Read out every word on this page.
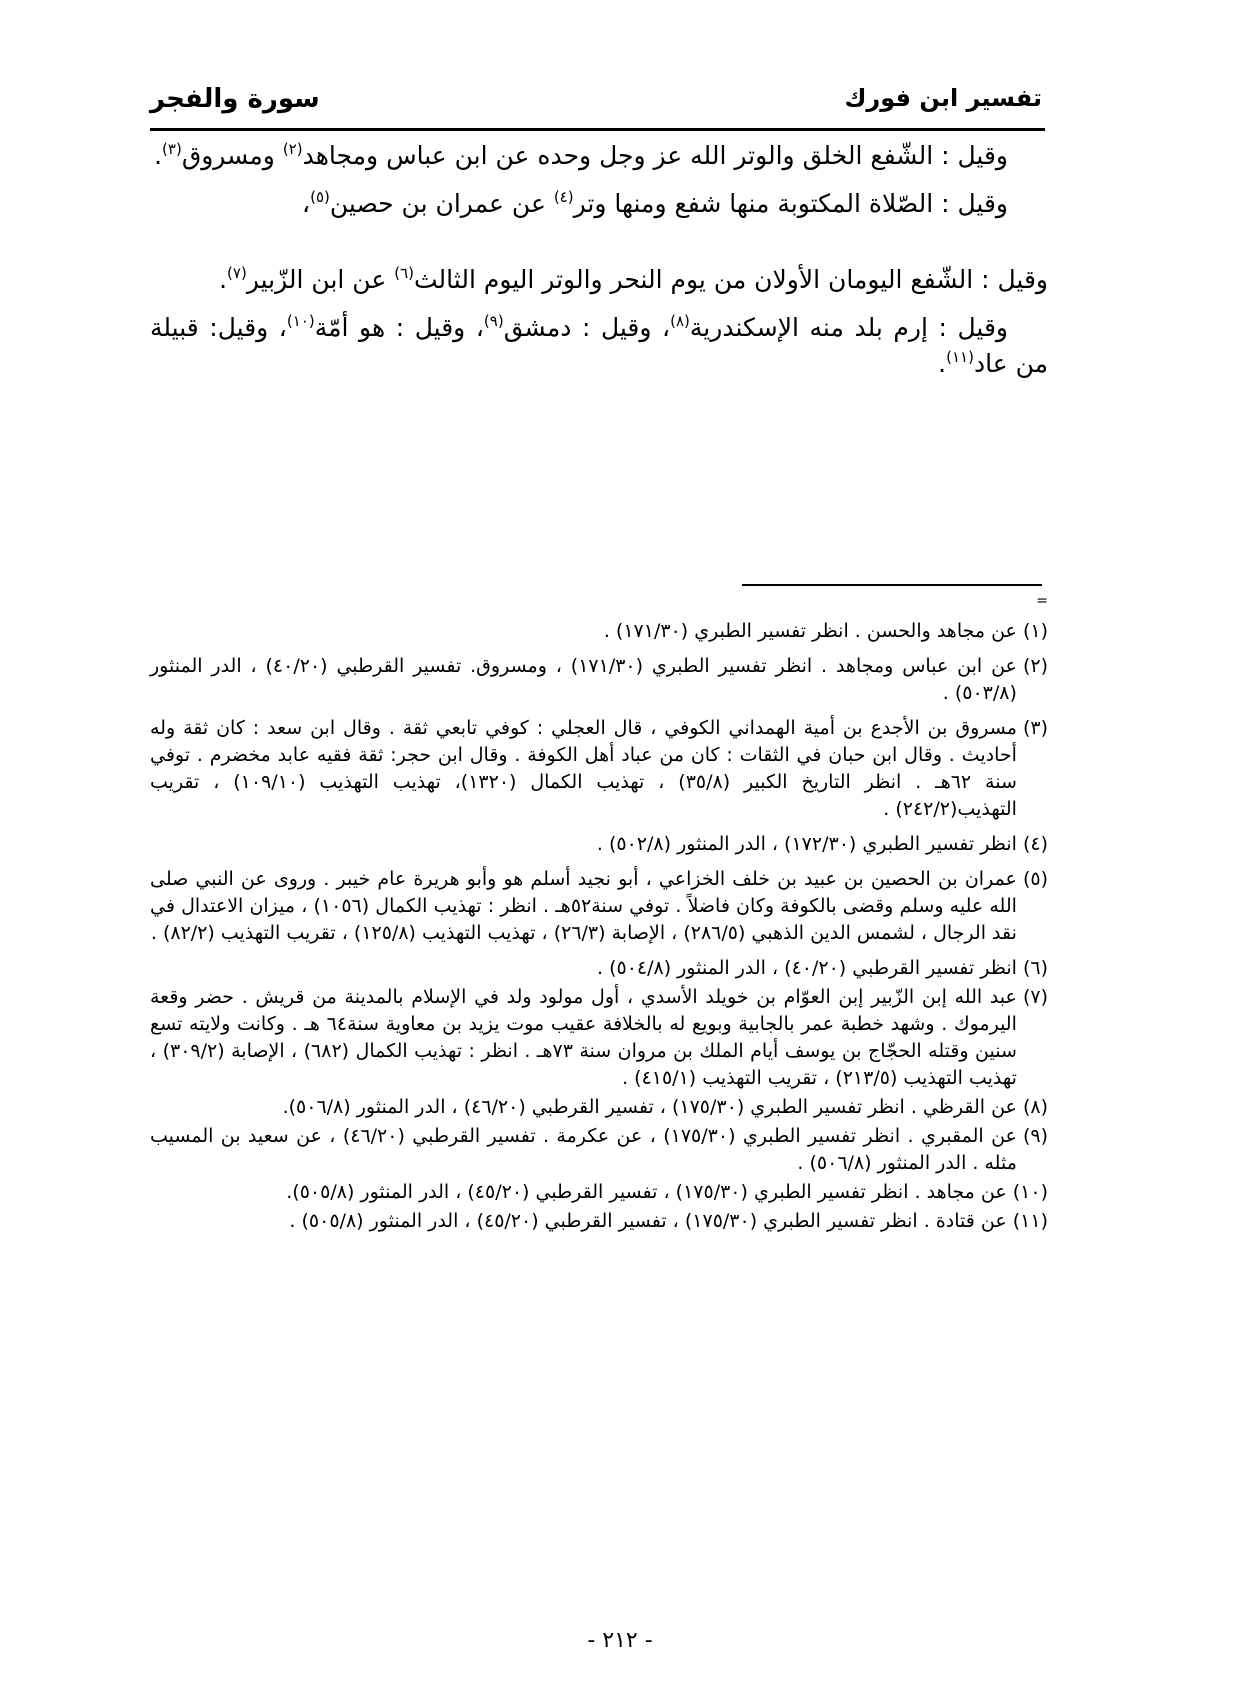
تفسير ابن فورك
سورة والفجر

وقيل : الشّفع الخلق والوتر الله عز وجل وحده عن ابن عباس ومجاهد$^{(٢)}$ ومسروق$^{(٣)}$.

وقيل : الصّلاة المكتوبة منها شفع ومنها وتر$^{(٤)}$ عن عمران بن حصين$^{(٥)}$،

وقيل : الشّفع اليومان الأولان من يوم النحر والوتر اليوم الثالث$^{(٦)}$ عن ابن الزّبير$^{(٧)}$.

وقيل : إرم بلد منه الإسكندرية$^{(٨)}$، وقيل : دمشق$^{(٩)}$، وقيل : هو أمّة$^{(١٠)}$، وقيل: قبيلة من عاد$^{(١١)}$.

=
(١)

عن مجاهد والحسن . انظر تفسير الطبري (١٧١/٣٠) .
(٢)

عن ابن عباس ومجاهد . انظر تفسير الطبري (١٧١/٣٠) ، ومسروق. تفسير القرطبي (٤٠/٢٠) ، الدر المنثور (٥٠٣/٨) .
(٣)

مسروق بن الأجدع بن أمية الهمداني الكوفي ، قال العجلي : كوفي تابعي ثقة . وقال ابن سعد : كان ثقة وله أحاديث . وقال ابن حبان في الثقات : كان من عباد أهل الكوفة . وقال ابن حجر: ثقة فقيه عابد مخضرم . توفي سنة ٦٢هـ . انظر التاريخ الكبير (٣٥/٨) ، تهذيب الكمال (١٣٢٠)، تهذيب التهذيب (١٠٩/١٠) ، تقريب التهذيب(٢٤٢/٢) .
(٤)

انظر تفسير الطبري (١٧٢/٣٠) ، الدر المنثور (٥٠٢/٨) .
(٥)

عمران بن الحصين بن عبيد بن خلف الخزاعي ، أبو نجيد أسلم هو وأبو هريرة عام خيبر . وروى عن النبي صلى الله عليه وسلم وقضى بالكوفة وكان فاضلاً . توفي سنة٥٢هـ . انظر : تهذيب الكمال (١٠٥٦) ، ميزان الاعتدال في نقد الرجال ، لشمس الدين الذهبي (٢٨٦/٥) ، الإصابة (٢٦/٣) ، تهذيب التهذيب (١٢٥/٨) ، تقريب التهذيب (٨٢/٢) .
(٦)

انظر تفسير القرطبي (٤٠/٢٠) ، الدر المنثور (٥٠٤/٨) .
(٧)

عبد الله إبن الزّبير إبن العوّام بن خويلد الأسدي ، أول مولود ولد في الإسلام بالمدينة من قريش . حضر وقعة اليرموك . وشهد خطبة عمر بالجابية وبويع له بالخلافة عقيب موت يزيد بن معاوية سنة٦٤ هـ . وكانت ولايته تسع سنين وقتله الحجّاج بن يوسف أيام الملك بن مروان سنة ٧٣هـ . انظر : تهذيب الكمال (٦٨٢) ، الإصابة (٣٠٩/٢) ، تهذيب التهذيب (٢١٣/٥) ، تقريب التهذيب (٤١٥/١) .
(٨)

عن القرظي . انظر تفسير الطبري (١٧٥/٣٠) ، تفسير القرطبي (٤٦/٢٠) ، الدر المنثور (٥٠٦/٨).
(٩)

عن المقبري . انظر تفسير الطبري (١٧٥/٣٠) ، عن عكرمة . تفسير القرطبي (٤٦/٢٠) ، عن سعيد بن المسيب مثله . الدر المنثور (٥٠٦/٨) .
(١٠)

عن مجاهد . انظر تفسير الطبري (١٧٥/٣٠) ، تفسير القرطبي (٤٥/٢٠) ، الدر المنثور (٥٠٥/٨).
(١١)

عن قتادة . انظر تفسير الطبري (١٧٥/٣٠) ، تفسير القرطبي (٤٥/٢٠) ، الدر المنثور (٥٠٥/٨) .
- ٢١٢ -
